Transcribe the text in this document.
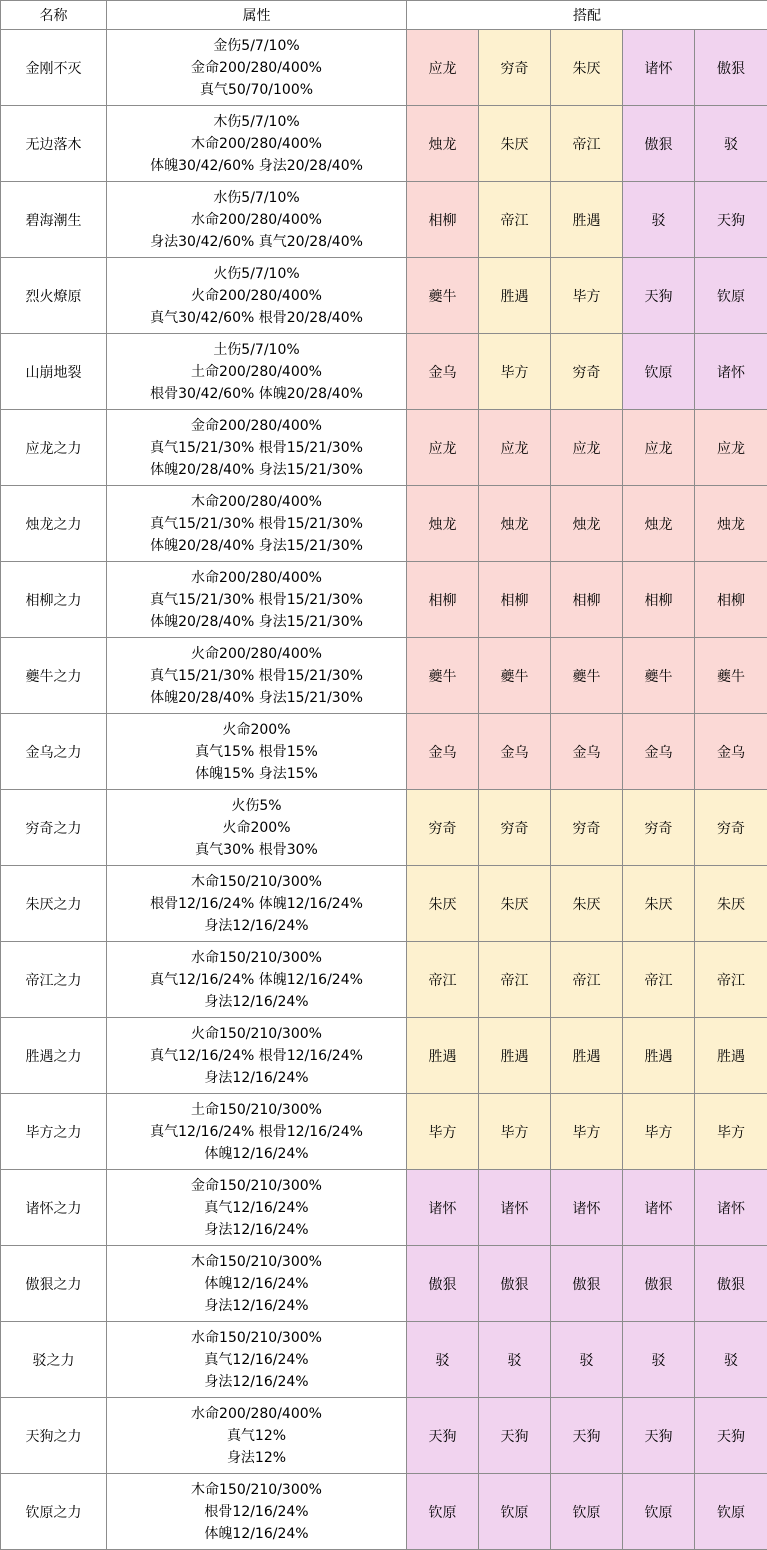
名称	属性	搭配				
金刚不灭	金伤5/7/10%
金命200/280/400%
真气50/70/100%	应龙	穷奇	朱厌	诸怀	傲狠
无边落木	木伤5/7/10%
木命200/280/400%
体魄30/42/60% 身法20/28/40%	烛龙	朱厌	帝江	傲狠	驳
碧海潮生	水伤5/7/10%
水命200/280/400%
身法30/42/60% 真气20/28/40%	相柳	帝江	胜遇	驳	天狗
烈火燎原	火伤5/7/10%
火命200/280/400%
真气30/42/60% 根骨20/28/40%	夔牛	胜遇	毕方	天狗	钦原
山崩地裂	土伤5/7/10%
土命200/280/400%
根骨30/42/60% 体魄20/28/40%	金乌	毕方	穷奇	钦原	诸怀
应龙之力	金命200/280/400%
真气15/21/30% 根骨15/21/30%
体魄20/28/40% 身法15/21/30%	应龙	应龙	应龙	应龙	应龙
烛龙之力	木命200/280/400%
真气15/21/30% 根骨15/21/30%
体魄20/28/40% 身法15/21/30%	烛龙	烛龙	烛龙	烛龙	烛龙
相柳之力	水命200/280/400%
真气15/21/30% 根骨15/21/30%
体魄20/28/40% 身法15/21/30%	相柳	相柳	相柳	相柳	相柳
夔牛之力	火命200/280/400%
真气15/21/30% 根骨15/21/30%
体魄20/28/40% 身法15/21/30%	夔牛	夔牛	夔牛	夔牛	夔牛
金乌之力	火命200%
真气15% 根骨15%
体魄15% 身法15%	金乌	金乌	金乌	金乌	金乌
穷奇之力	火伤5%
火命200%
真气30% 根骨30%	穷奇	穷奇	穷奇	穷奇	穷奇
朱厌之力	木命150/210/300%
根骨12/16/24% 体魄12/16/24%
身法12/16/24%	朱厌	朱厌	朱厌	朱厌	朱厌
帝江之力	水命150/210/300%
真气12/16/24% 体魄12/16/24%
身法12/16/24%	帝江	帝江	帝江	帝江	帝江
胜遇之力	火命150/210/300%
真气12/16/24% 根骨12/16/24%
身法12/16/24%	胜遇	胜遇	胜遇	胜遇	胜遇
毕方之力	土命150/210/300%
真气12/16/24% 根骨12/16/24%
体魄12/16/24%	毕方	毕方	毕方	毕方	毕方
诸怀之力	金命150/210/300%
真气12/16/24%
身法12/16/24%	诸怀	诸怀	诸怀	诸怀	诸怀
傲狠之力	木命150/210/300%
体魄12/16/24%
身法12/16/24%	傲狠	傲狠	傲狠	傲狠	傲狠
驳之力	水命150/210/300%
真气12/16/24%
身法12/16/24%	驳	驳	驳	驳	驳
天狗之力	水命200/280/400%
真气12%
身法12%	天狗	天狗	天狗	天狗	天狗
钦原之力	木命150/210/300%
根骨12/16/24%
体魄12/16/24%	钦原	钦原	钦原	钦原	钦原
